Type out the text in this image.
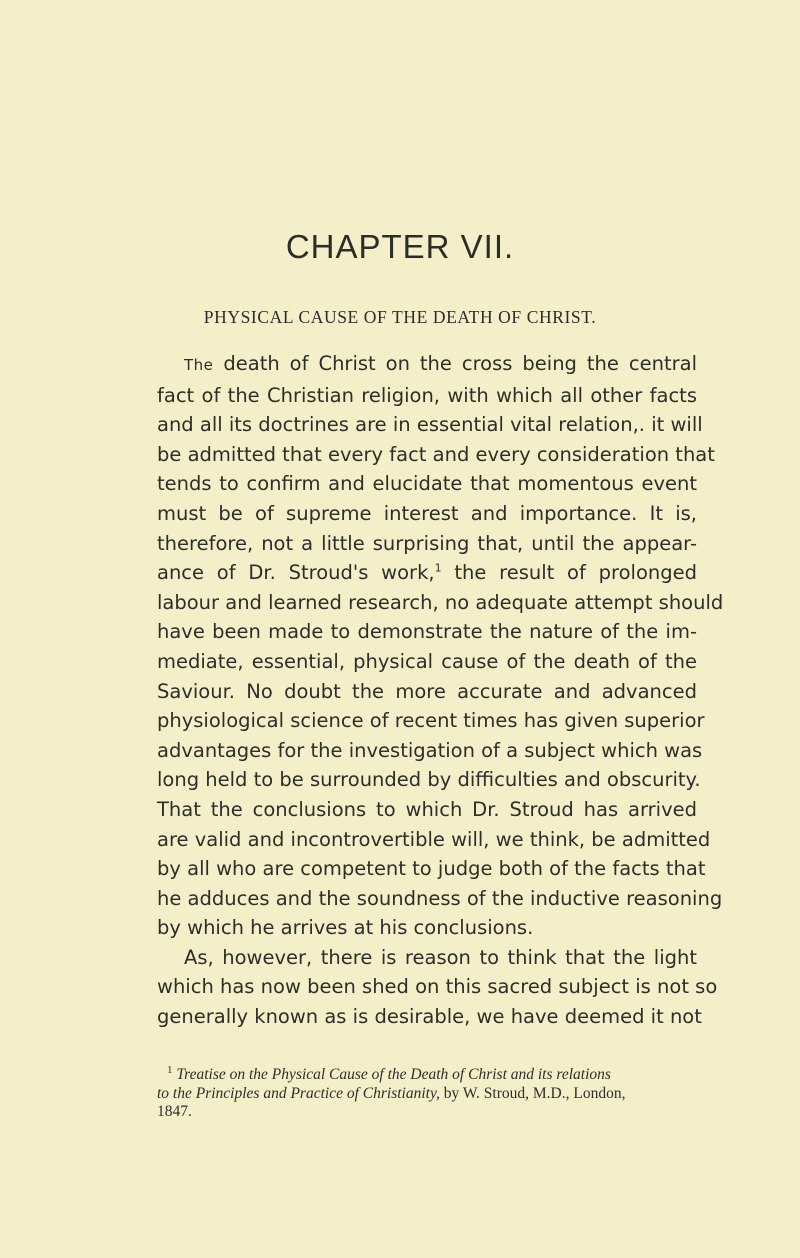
CHAPTER VII.
PHYSICAL CAUSE OF THE DEATH OF CHRIST.
The death of Christ on the cross being the central
fact of the Christian religion, with which all other facts
and all its doctrines are in essential vital relation,. it will
be admitted that every fact and every consideration that
tends to confirm and elucidate that momentous event
must be of supreme interest and importance. It is,
therefore, not a little surprising that, until the appear-
ance of Dr. Stroud's work,$^1$ the result of prolonged
labour and learned research, no adequate attempt should
have been made to demonstrate the nature of the im-
mediate, essential, physical cause of the death of the
Saviour. No doubt the more accurate and advanced
physiological science of recent times has given superior
advantages for the investigation of a subject which was
long held to be surrounded by difficulties and obscurity.
That the conclusions to which Dr. Stroud has arrived
are valid and incontrovertible will, we think, be admitted
by all who are competent to judge both of the facts that
he adduces and the soundness of the inductive reasoning
by which he arrives at his conclusions.
As, however, there is reason to think that the light
which has now been shed on this sacred subject is not so
generally known as is desirable, we have deemed it not
$^1$ Treatise on the Physical Cause of the Death of Christ and its relations
to the Principles and Practice of Christianity, by W. Stroud, M.D., London,
1847.
